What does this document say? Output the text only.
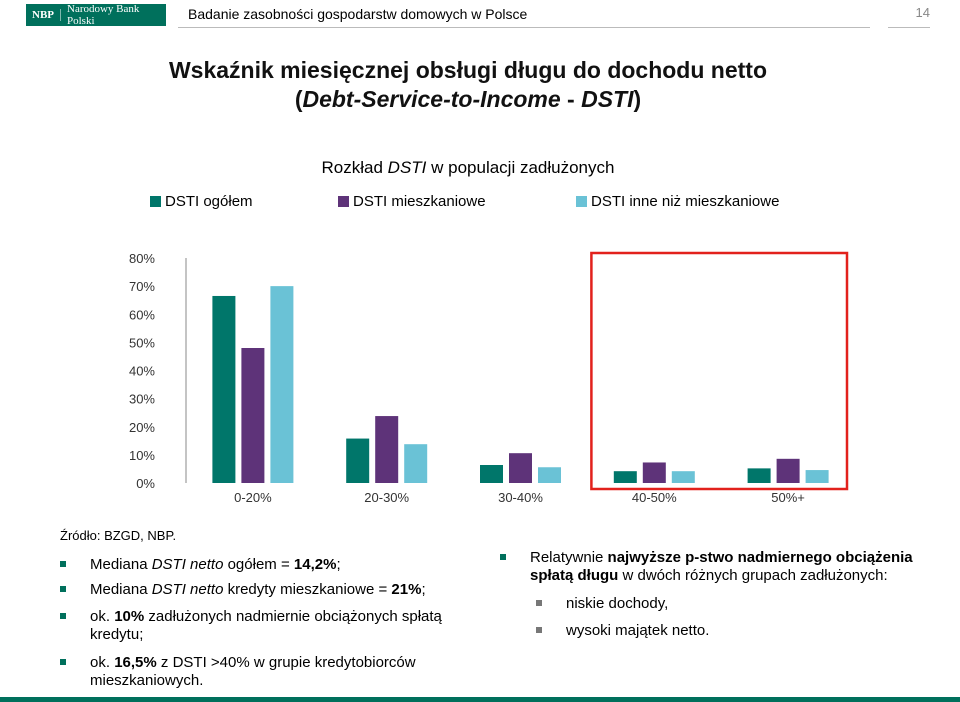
NBP	Narodowy Bank Polski	Badanie zasobności gospodarstw domowych w Polsce	14
Wskaźnik miesięcznej obsługi długu do dochodu netto
(Debt-Service-to-Income - DSTI)
Rozkład DSTI w populacji zadłużonych
DSTI ogółem	DSTI mieszkaniowe	DSTI inne niż mieszkaniowe
0%
10%
20%
30%
40%
50%
60%
70%
80%
0-20%	20-30%	30-40%	40-50%	50%+
Źródło: BZGD, NBP.
Mediana DSTI netto ogółem = 14,2%;
Mediana DSTI netto kredyty mieszkaniowe = 21%;
ok. 10% zadłużonych nadmiernie obciążonych spłatą kredytu;
ok. 16,5% z DSTI >40% w grupie kredytobiorców mieszkaniowych.
Relatywnie najwyższe p-stwo nadmiernego obciążenia spłatą długu w dwóch różnych grupach zadłużonych:
niskie dochody,
wysoki majątek netto.
